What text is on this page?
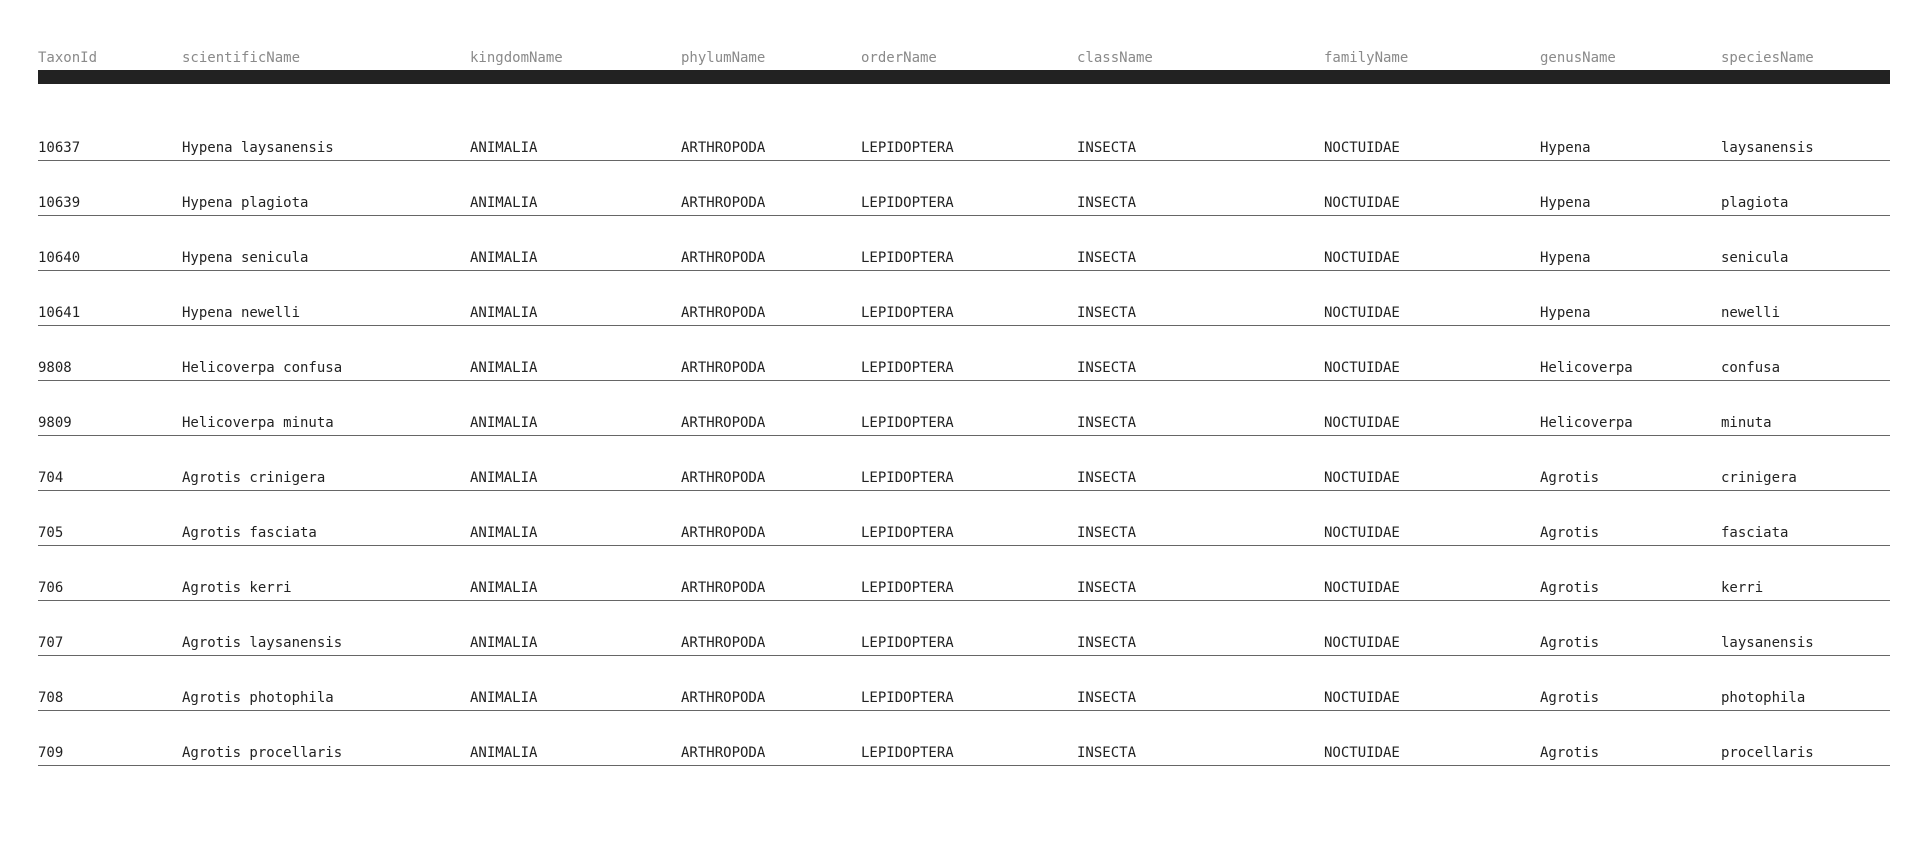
TaxonId	scientificName	kingdomName	phylumName	orderName	className	familyName	genusName	speciesName
10637	Hypena laysanensis	ANIMALIA	ARTHROPODA	LEPIDOPTERA	INSECTA	NOCTUIDAE	Hypena	laysanensis
10639	Hypena plagiota	ANIMALIA	ARTHROPODA	LEPIDOPTERA	INSECTA	NOCTUIDAE	Hypena	plagiota
10640	Hypena senicula	ANIMALIA	ARTHROPODA	LEPIDOPTERA	INSECTA	NOCTUIDAE	Hypena	senicula
10641	Hypena newelli	ANIMALIA	ARTHROPODA	LEPIDOPTERA	INSECTA	NOCTUIDAE	Hypena	newelli
9808	Helicoverpa confusa	ANIMALIA	ARTHROPODA	LEPIDOPTERA	INSECTA	NOCTUIDAE	Helicoverpa	confusa
9809	Helicoverpa minuta	ANIMALIA	ARTHROPODA	LEPIDOPTERA	INSECTA	NOCTUIDAE	Helicoverpa	minuta
704	Agrotis crinigera	ANIMALIA	ARTHROPODA	LEPIDOPTERA	INSECTA	NOCTUIDAE	Agrotis	crinigera
705	Agrotis fasciata	ANIMALIA	ARTHROPODA	LEPIDOPTERA	INSECTA	NOCTUIDAE	Agrotis	fasciata
706	Agrotis kerri	ANIMALIA	ARTHROPODA	LEPIDOPTERA	INSECTA	NOCTUIDAE	Agrotis	kerri
707	Agrotis laysanensis	ANIMALIA	ARTHROPODA	LEPIDOPTERA	INSECTA	NOCTUIDAE	Agrotis	laysanensis
708	Agrotis photophila	ANIMALIA	ARTHROPODA	LEPIDOPTERA	INSECTA	NOCTUIDAE	Agrotis	photophila
709	Agrotis procellaris	ANIMALIA	ARTHROPODA	LEPIDOPTERA	INSECTA	NOCTUIDAE	Agrotis	procellaris
